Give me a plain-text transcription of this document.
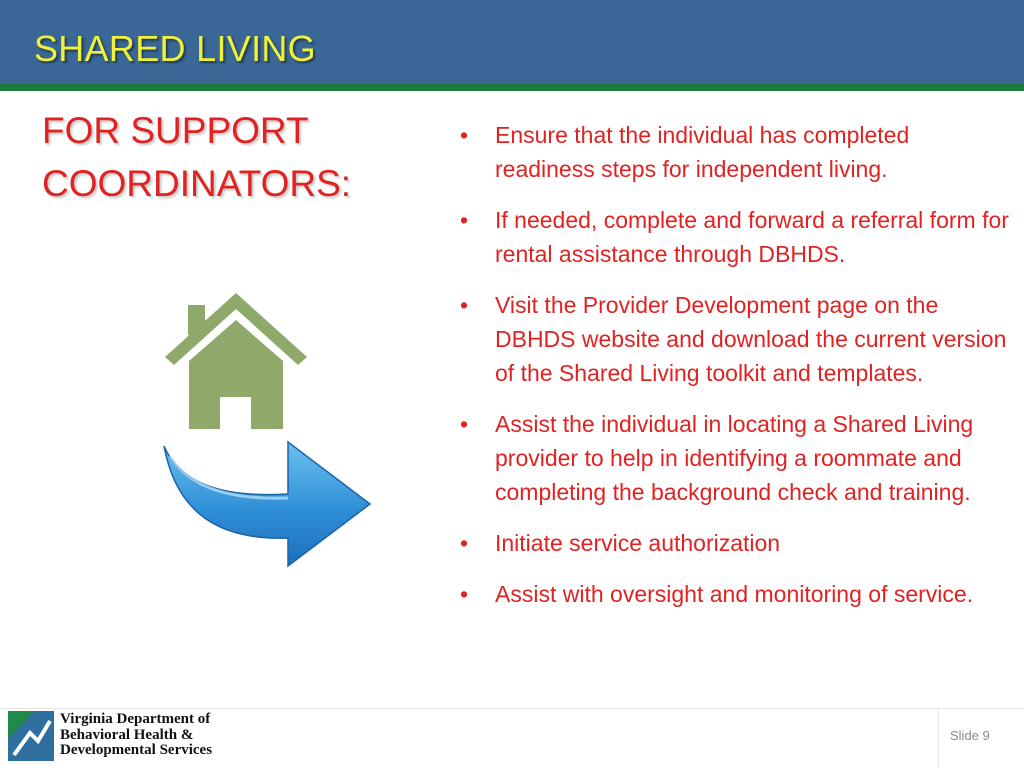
SHARED LIVING
FOR SUPPORT
COORDINATORS:
• Ensure that the individual has completed readiness steps for independent living.
• If needed, complete and forward a referral form for rental assistance through DBHDS.
• Visit the Provider Development page on the DBHDS website and download the current version of the Shared Living toolkit and templates.
• Assist the individual in locating a Shared Living provider to help in identifying a roommate and completing the background check and training.
• Initiate service authorization
• Assist with oversight and monitoring of service.
Virginia Department of
Behavioral Health &
Developmental Services
Slide 9
